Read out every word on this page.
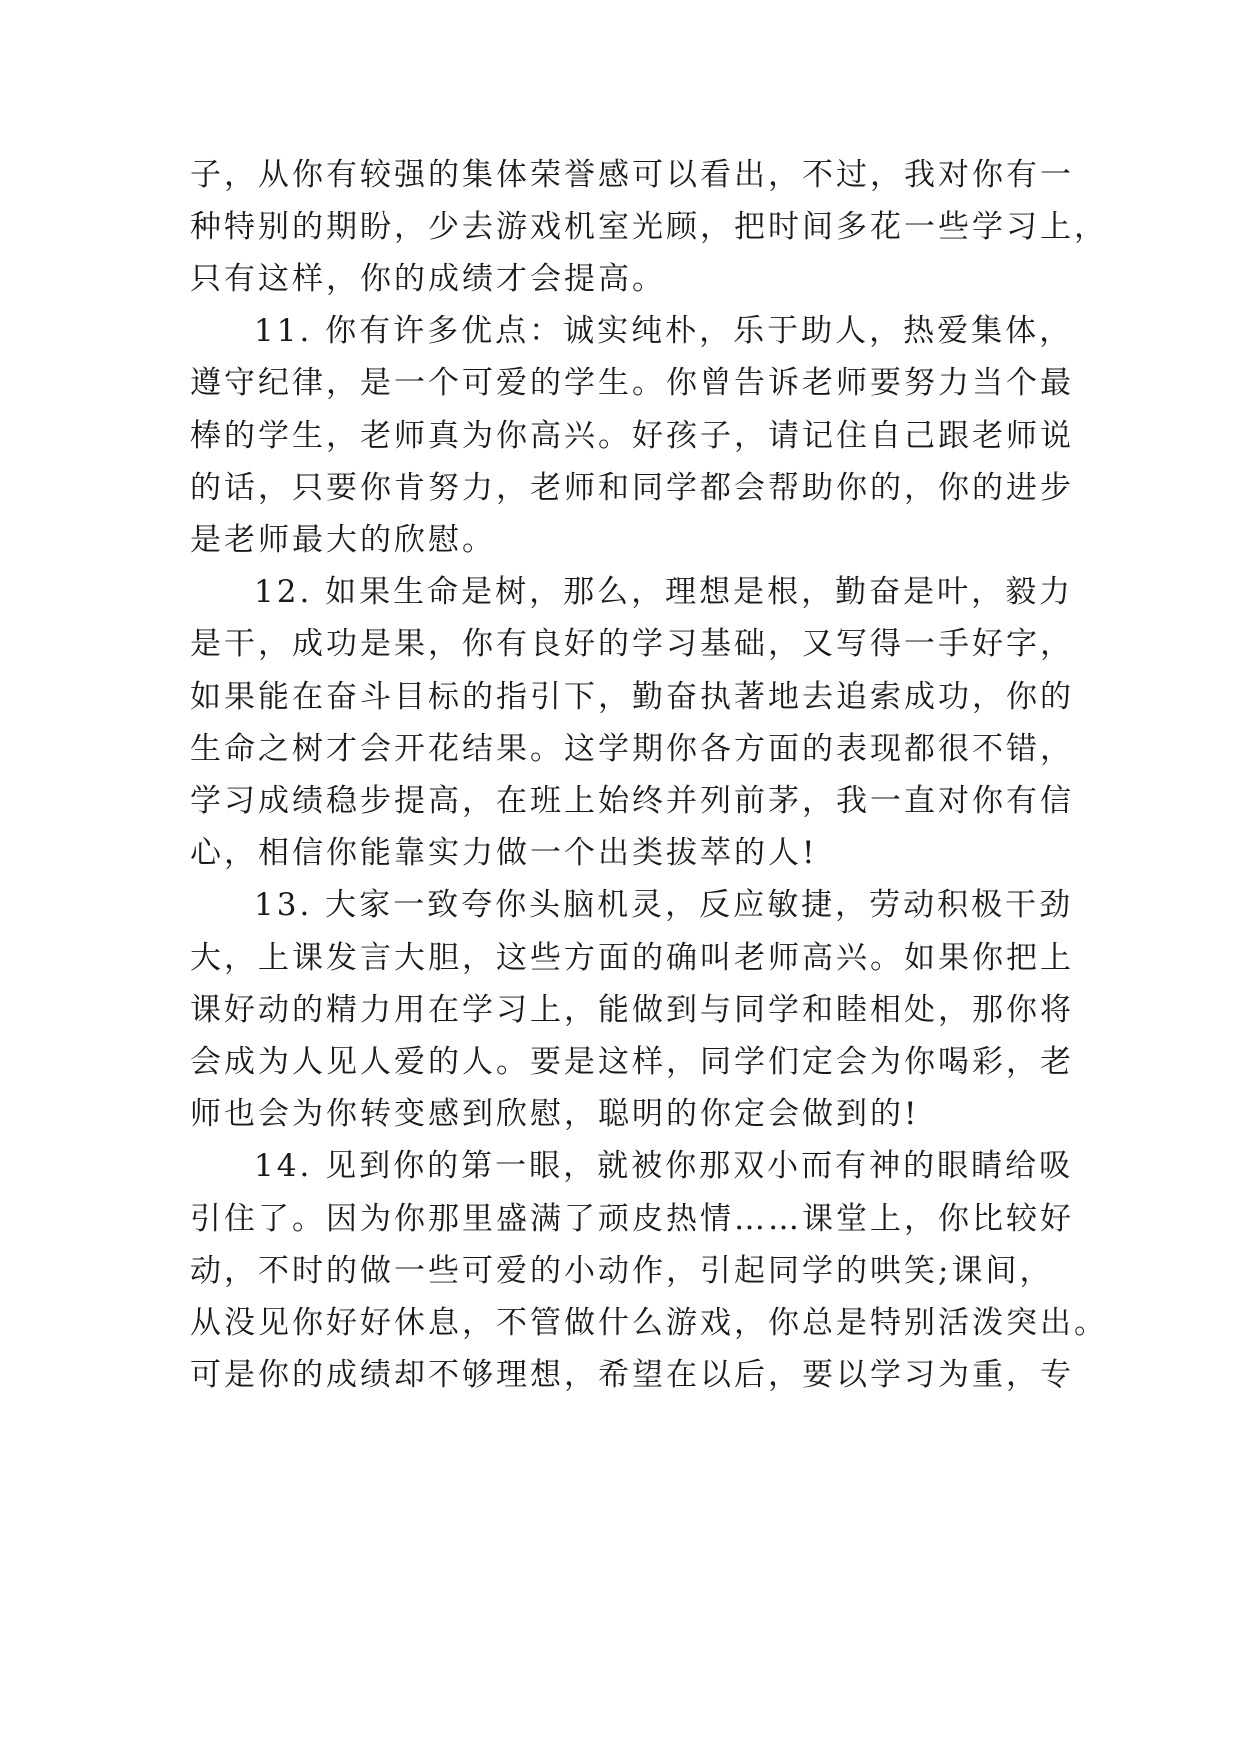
子，从你有较强的集体荣誉感可以看出，不过，我对你有一
种特别的期盼，少去游戏机室光顾，把时间多花一些学习上，
只有这样，你的成绩才会提高。
11. 你有许多优点：诚实纯朴，乐于助人，热爱集体，
遵守纪律，是一个可爱的学生。你曾告诉老师要努力当个最
棒的学生，老师真为你高兴。好孩子，请记住自己跟老师说
的话，只要你肯努力，老师和同学都会帮助你的，你的进步
是老师最大的欣慰。
12. 如果生命是树，那么，理想是根，勤奋是叶，毅力
是干，成功是果，你有良好的学习基础，又写得一手好字，
如果能在奋斗目标的指引下，勤奋执著地去追索成功，你的
生命之树才会开花结果。这学期你各方面的表现都很不错，
学习成绩稳步提高，在班上始终并列前茅，我一直对你有信
心，相信你能靠实力做一个出类拔萃的人!
13. 大家一致夸你头脑机灵，反应敏捷，劳动积极干劲
大，上课发言大胆，这些方面的确叫老师高兴。如果你把上
课好动的精力用在学习上，能做到与同学和睦相处，那你将
会成为人见人爱的人。要是这样，同学们定会为你喝彩，老
师也会为你转变感到欣慰，聪明的你定会做到的!
14. 见到你的第一眼，就被你那双小而有神的眼睛给吸
引住了。因为你那里盛满了顽皮热情……课堂上，你比较好
动，不时的做一些可爱的小动作，引起同学的哄笑;课间，
从没见你好好休息，不管做什么游戏，你总是特别活泼突出。
可是你的成绩却不够理想，希望在以后，要以学习为重，专
